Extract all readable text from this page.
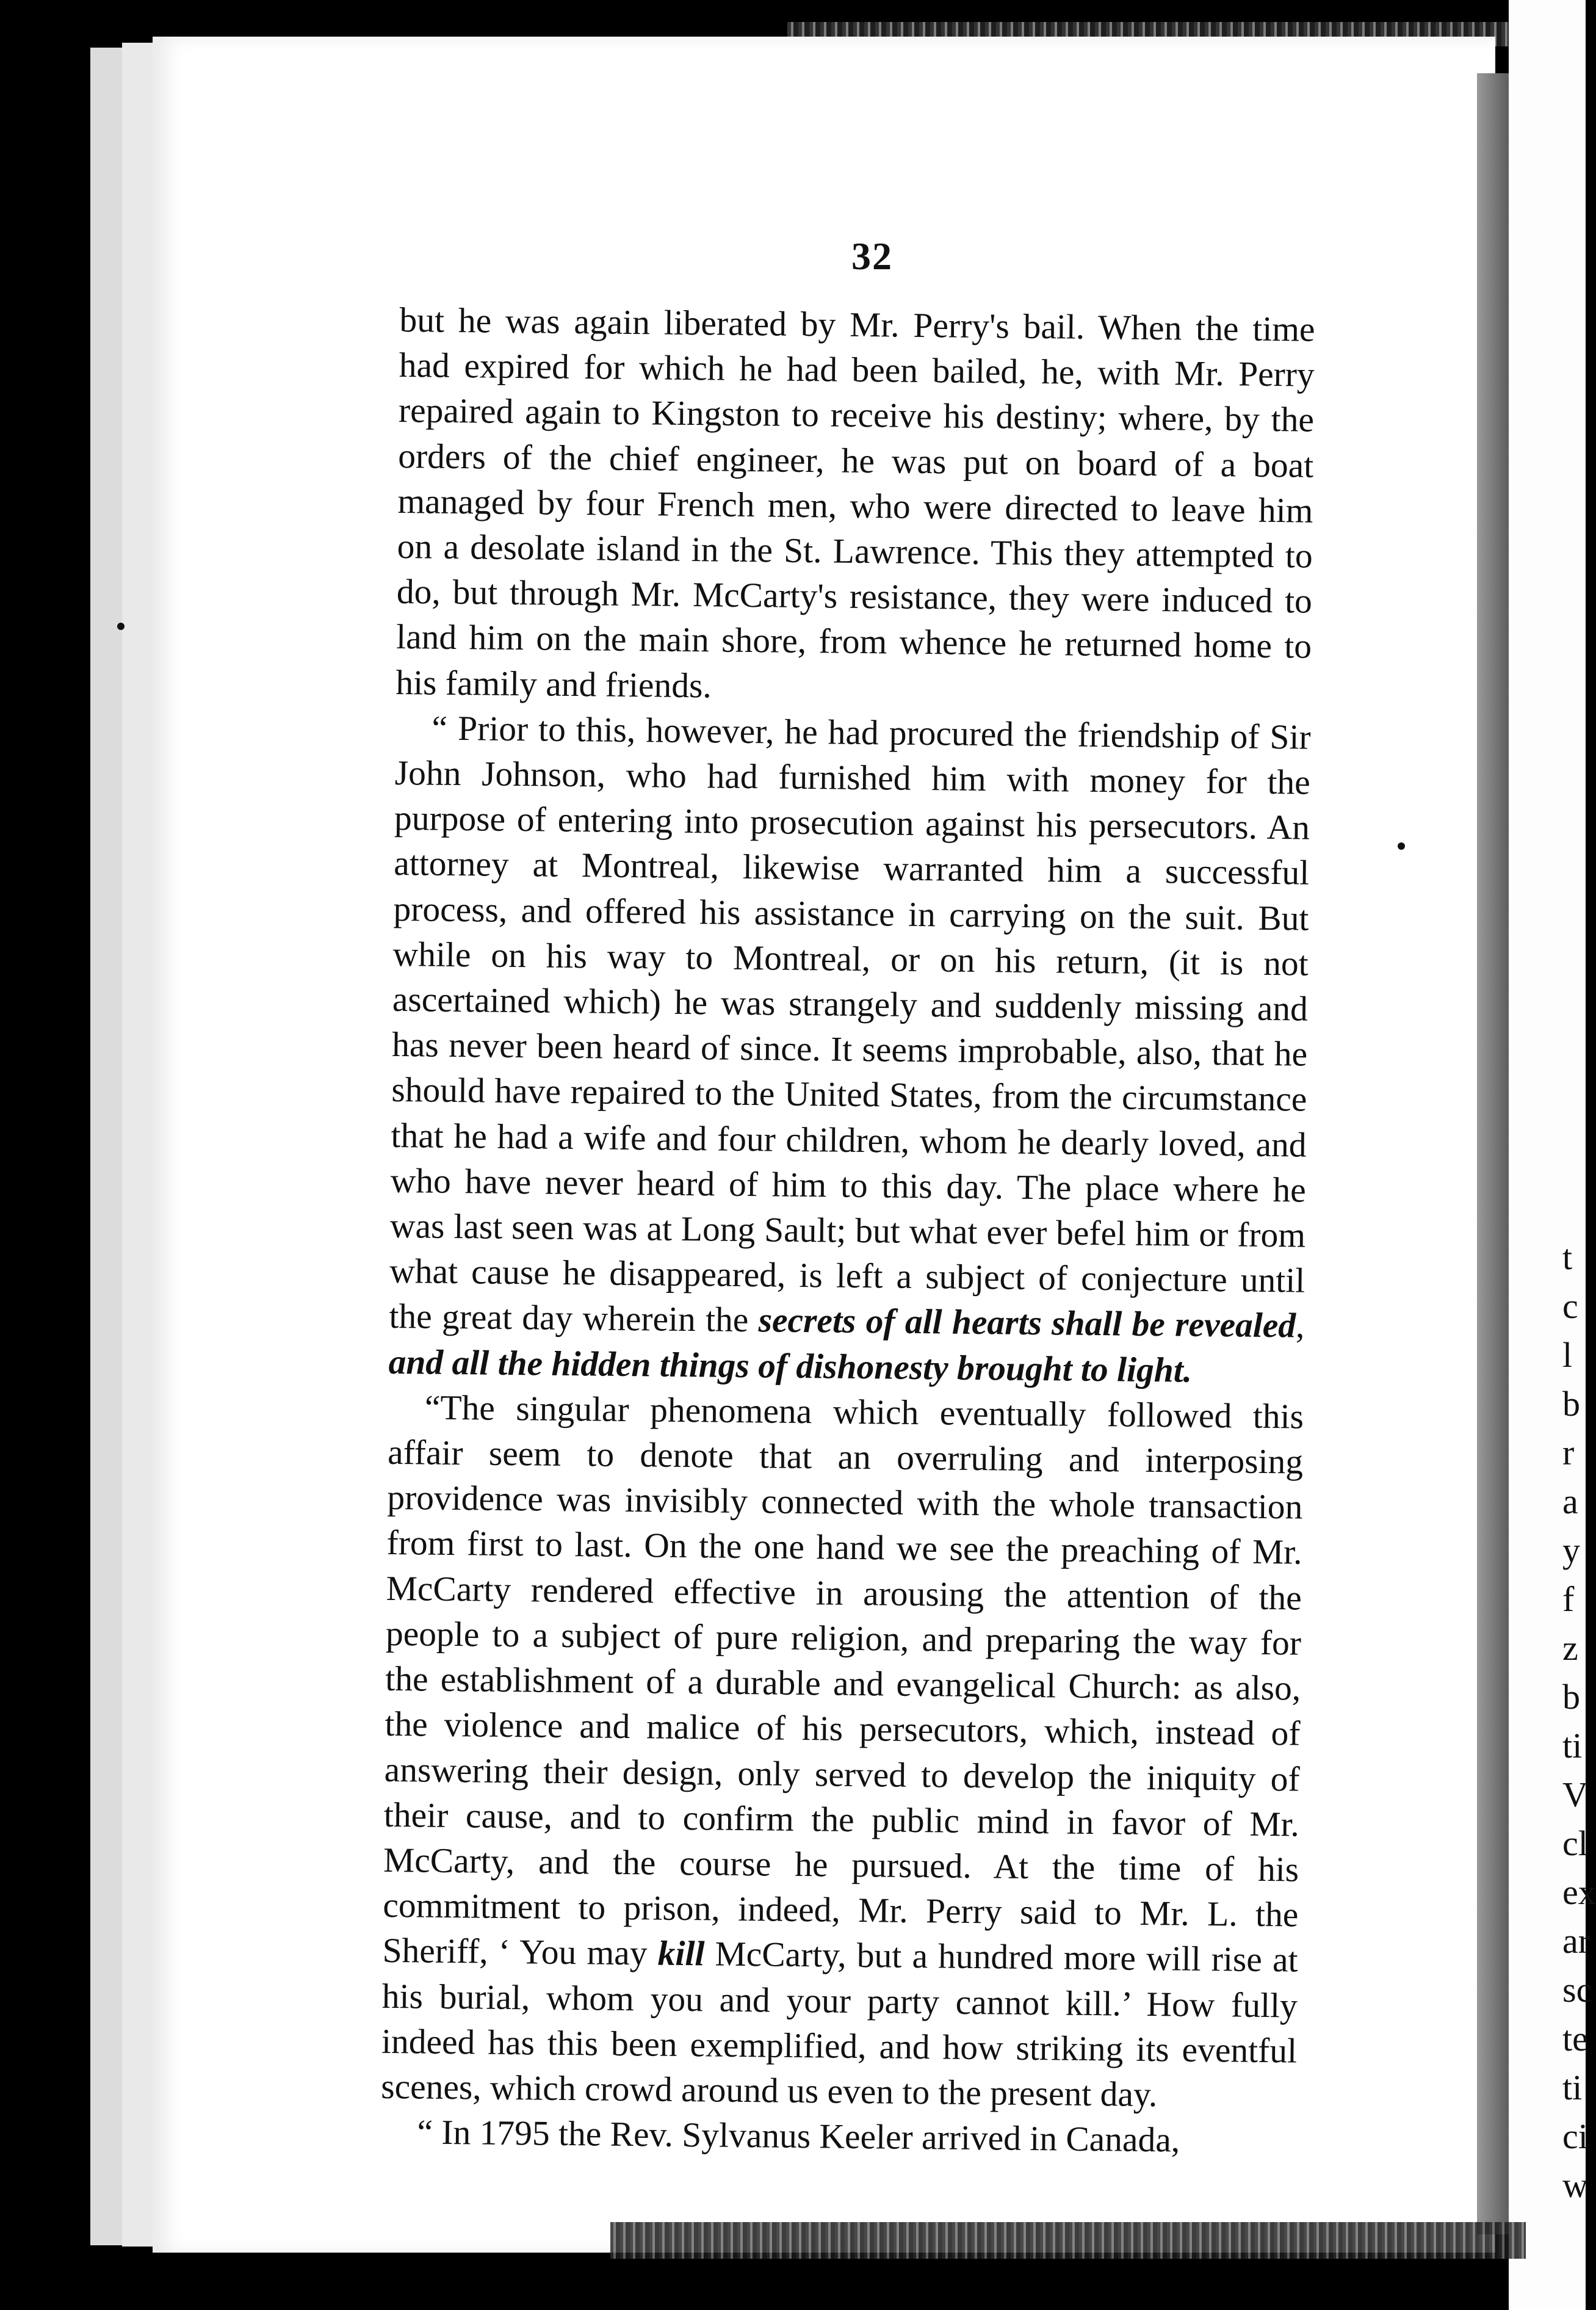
t
c
l
b
r
a
y
f
z
b
ti
V
cl
ex
ar
sc
te
ti
ci
w
32

but he was again liberated by Mr. Perry's bail. When the time had expired for which he had been bailed, he, with Mr. Perry repaired again to Kingston to receive his destiny; where, by the orders of the chief engineer, he was put on board of a boat managed by four French men, who were directed to leave him on a desolate island in the St. Lawrence. This they attempted to do, but through Mr. McCarty's resistance, they were induced to land him on the main shore, from whence he returned home to his family and friends.

“ Prior to this, however, he had procured the friendship of Sir John Johnson, who had furnished him with money for the purpose of entering into prosecution against his persecutors. An attorney at Montreal, likewise warranted him a successful process, and offered his assistance in carrying on the suit. But while on his way to Montreal, or on his return, (it is not ascertained which) he was strangely and suddenly missing and has never been heard of since. It seems improbable, also, that he should have repaired to the United States, from the circumstance that he had a wife and four children, whom he dearly loved, and who have never heard of him to this day. The place where he was last seen was at Long Sault; but what ever befel him or from what cause he disappeared, is left a subject of conjecture until the great day wherein the secrets of all hearts shall be revealed, and all the hidden things of dishonesty brought to light.

“The singular phenomena which eventually followed this affair seem to denote that an overruling and interposing providence was invisibly connected with the whole transaction from first to last. On the one hand we see the preaching of Mr. McCarty rendered effective in arousing the attention of the people to a subject of pure religion, and preparing the way for the establishment of a durable and evangelical Church: as also, the violence and malice of his persecutors, which, instead of answering their design, only served to develop the iniquity of their cause, and to confirm the public mind in favor of Mr. McCarty, and the course he pursued. At the time of his commitment to prison, indeed, Mr. Perry said to Mr. L. the Sheriff, ‘ You may kill McCarty, but a hundred more will rise at his burial, whom you and your party cannot kill.’ How fully indeed has this been exemplified, and how striking its eventful scenes, which crowd around us even to the present day.

“ In 1795 the Rev. Sylvanus Keeler arrived in Canada,
